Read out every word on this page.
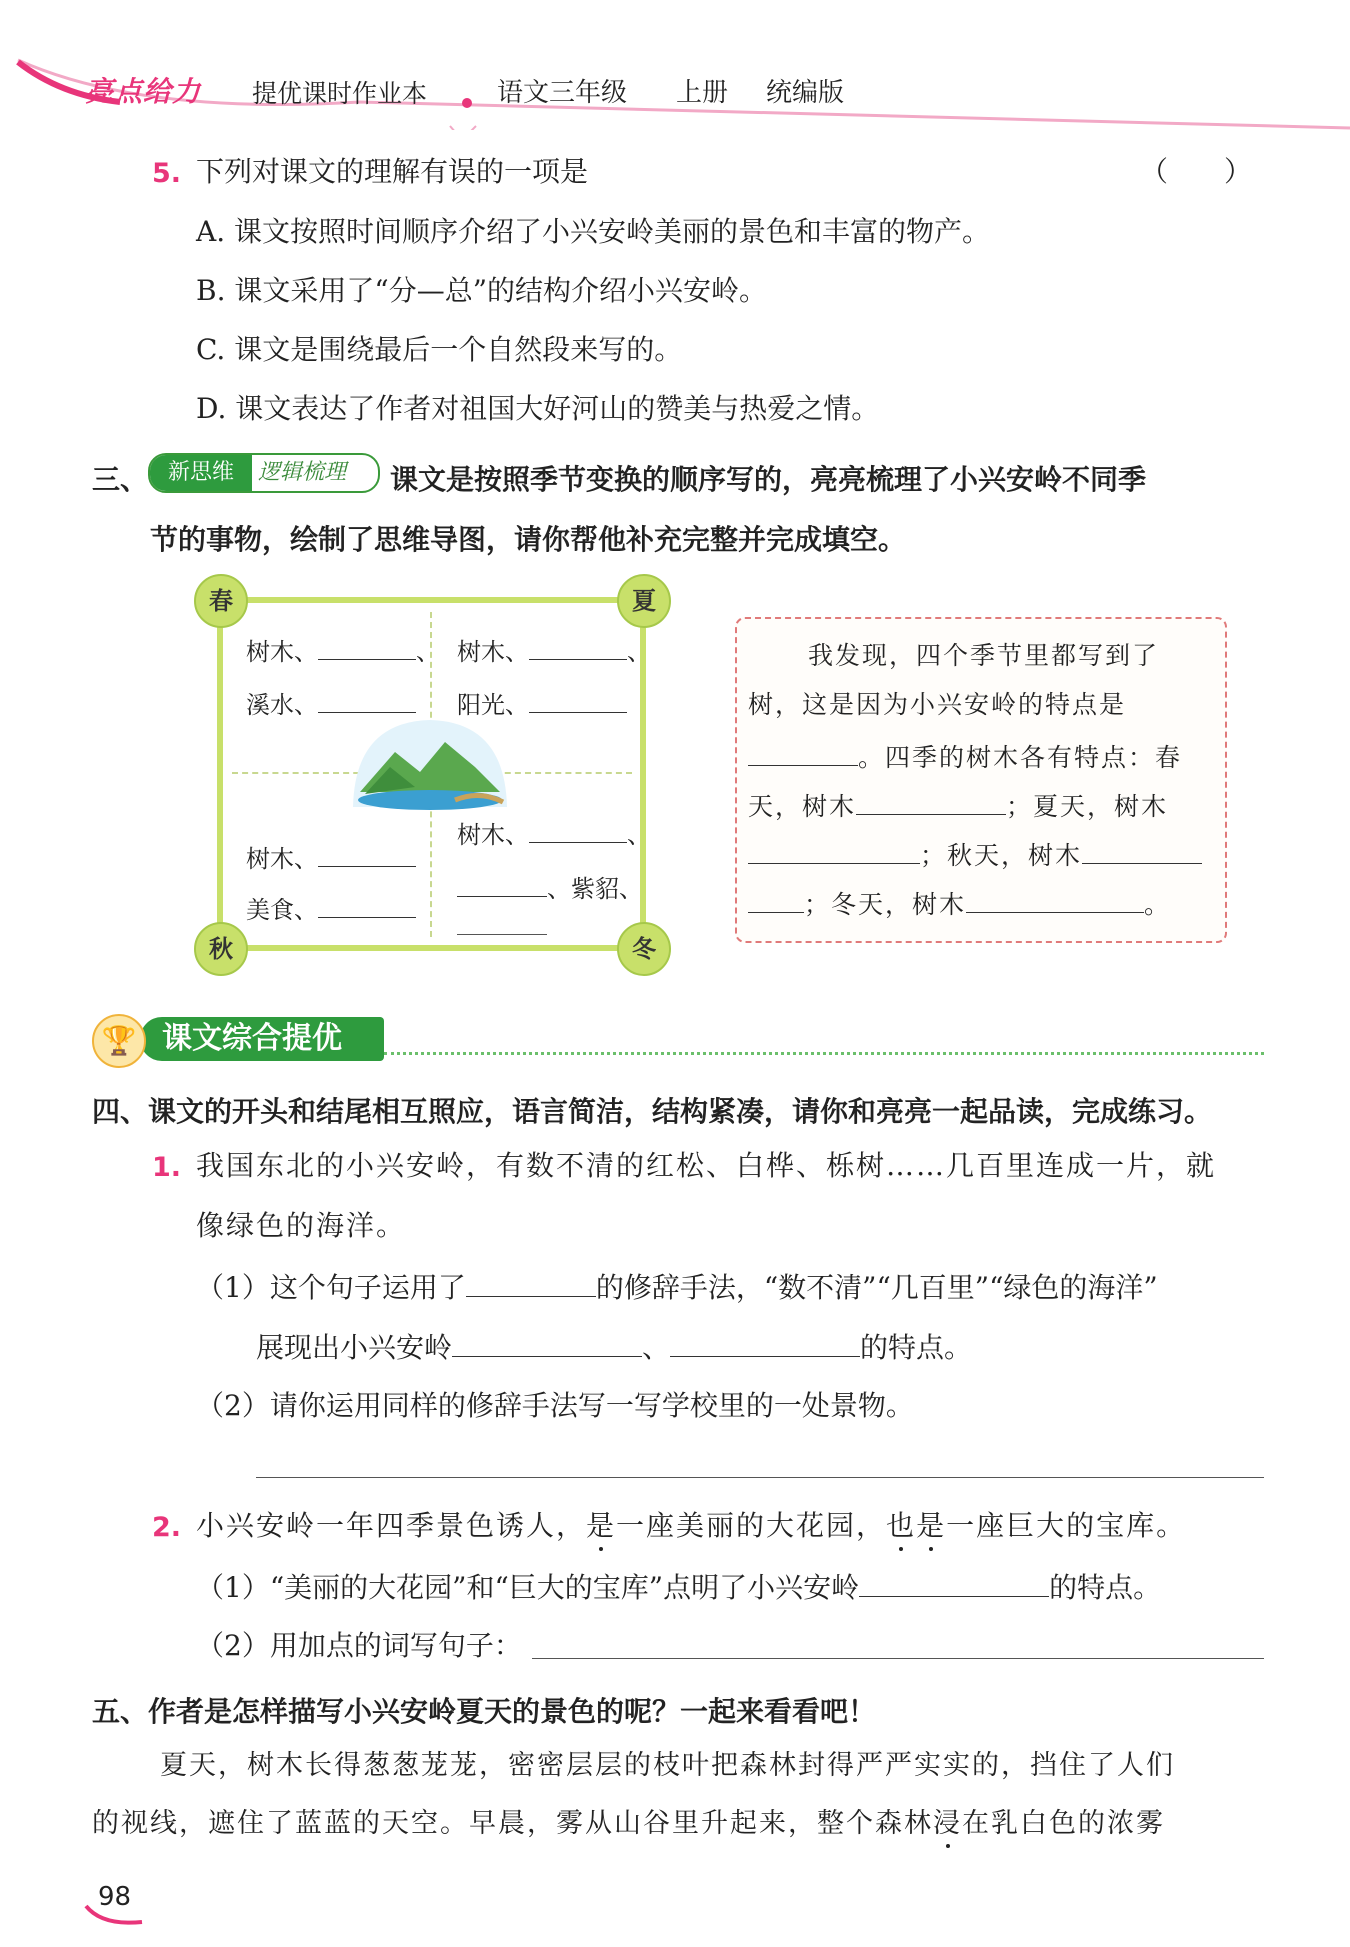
亮点给力 提优课时作业本	语文三年级 上册 统编版
5. 下列对课文的理解有误的一项是	（　　）
A. 课文按照时间顺序介绍了小兴安岭美丽的景色和丰富的物产。
B. 课文采用了“分—总”的结构介绍小兴安岭。
C. 课文是围绕最后一个自然段来写的。
D. 课文表达了作者对祖国大好河山的赞美与热爱之情。
三、 新思维	逻辑梳理 课文是按照季节变换的顺序写的，亮亮梳理了小兴安岭不同季
节的事物，绘制了思维导图，请你帮他补充完整并完成填空。
春	夏
秋	冬
树木、	、
溪水、
树木、	、
阳光、
树木、
美食、
树木、	、
、紫貂、
我发现，四个季节里都写到了
树，这是因为小兴安岭的特点是
。四季的树木各有特点：春
天，树木	；夏天，树木
；秋天，树木
；冬天，树木	。
课文综合提优
🏆
四、课文的开头和结尾相互照应，语言简洁，结构紧凑，请你和亮亮一起品读，完成练习。
1. 我国东北的小兴安岭，有数不清的红松、白桦、栎树……几百里连成一片，就
像绿色的海洋。
（1）这个句子运用了	的修辞手法，“数不清”“几百里”“绿色的海洋”
展现出小兴安岭	、	的特点。
（2）请你运用同样的修辞手法写一写学校里的一处景物。
2. 小兴安岭一年四季景色诱人，是一座美丽的大花园，也是一座巨大的宝库。
（1）“美丽的大花园”和“巨大的宝库”点明了小兴安岭	的特点。
（2）用加点的词写句子：
五、作者是怎样描写小兴安岭夏天的景色的呢？一起来看看吧！
夏天，树木长得葱葱茏茏，密密层层的枝叶把森林封得严严实实的，挡住了人们
的视线，遮住了蓝蓝的天空。早晨，雾从山谷里升起来，整个森林浸在乳白色的浓雾
98
